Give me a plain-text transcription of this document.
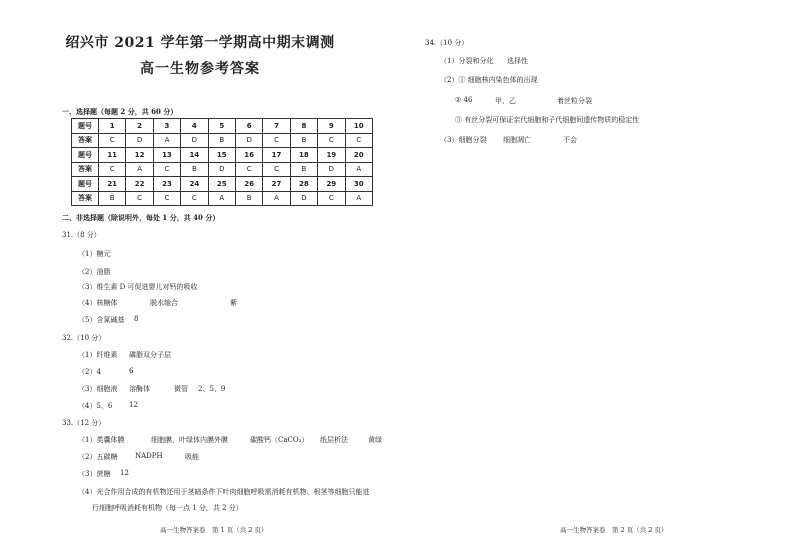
绍兴市 2021 学年第一学期高中期末调测
高一生物参考答案
一、选择题（每题 2 分，共 60 分）
题号	1	2	3	4	5	6	7	8	9	10
答案	C	D	A	D	B	D	C	B	C	C
题号	11	12	13	14	15	16	17	18	19	20
答案	C	A	C	B	D	C	C	B	D	A
题号	21	22	23	24	25	26	27	28	29	30
答案	B	C	C	C	A	B	A	D	C	A
二、非选择题（除说明外，每处 1 分，共 40 分）
31.（8 分）
（1）糖元
（2）油脂
（3）维生素 D 可促进婴儿对钙的吸收
（4）核糖体	脱水缩合	紫
（5）含氮碱基 8
32.（10 分）
（1）纤维素 磷脂双分子层
（2）4	6
（3）细胞液 溶酶体	微管 2、5、9
（4）5、6 12
33.（12 分）
（1）类囊体膜	细胞膜、叶绿体内膜外膜	碳酸钙（CaCO₃） 纸层析法	黄绿
（2）五碳糖	NADPH	吸能
（3）蔗糖 12
（4）光合作用合成的有机物还用于茎暗条件下叶肉细胞呼吸需消耗有机物、根茎等细胞只能进
行细胞呼吸消耗有机物（每一点 1 分，共 2 分）
高一生物答案卷　第 1 页（共 2 页）
34.（10 分）
（1）分裂和分化 选择性
（2）① 细胞核内染色体的出现
② 46	甲、乙	着丝粒分裂
③ 有丝分裂可保证亲代细胞和子代细胞间遗传物质的稳定性
（3）细胞分裂 细胞凋亡	不会
高一生物答案卷　第 2 页（共 2 页）
